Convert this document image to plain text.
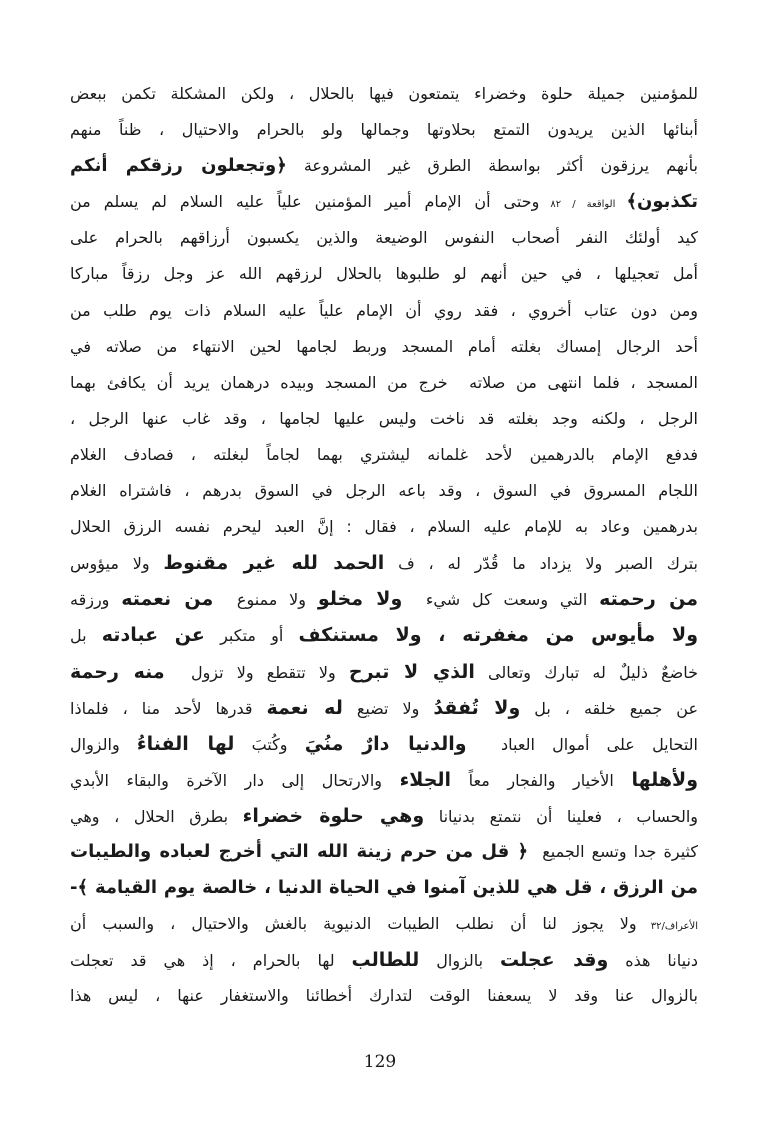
للمؤمنين جميلة حلوة وخضراء يتمتعون فيها بالحلال ، ولكن المشكلة تكمن ببعض
أبنائها الذين يريدون التمتع بحلاوتها وجمالها ولو بالحرام والاحتيال ، ظناً منهم
بأنهم يرزقون أكثر بواسطة الطرق غير المشروعة ﴿وتجعلون رزقكم أنكم
تكذبون﴾ الواقعة / ٨٢ وحتى أن الإمام أمير المؤمنين علياً عليه السلام لم يسلم من
كيد أولئك النفر أصحاب النفوس الوضيعة والذين يكسبون أرزاقهم بالحرام على
أمل تعجيلها ، في حين أنهم لو طلبوها بالحلال لرزقهم الله عز وجل رزقاً مباركا
ومن دون عتاب أخروي ، فقد روي أن الإمام علياً عليه السلام ذات يوم طلب من
أحد الرجال إمساك بغلته أمام المسجد وربط لجامها لحين الانتهاء من صلاته في
المسجد ، فلما انتهى من صلاته  خرج من المسجد وبيده درهمان يريد أن يكافئ بهما
الرجل ، ولكنه وجد بغلته قد ناخت وليس عليها لجامها ، وقد غاب عنها الرجل ،
فدفع الإمام بالدرهمين لأحد غلمانه ليشتري بهما لجاماً لبغلته ، فصادف الغلام
اللجام المسروق في السوق ، وقد باعه الرجل في السوق بدرهم ، فاشتراه الغلام
بدرهمين وعاد به للإمام عليه السلام ، فقال : إنَّ العبد ليحرم نفسه الرزق الحلال
بترك الصبر ولا يزداد ما قُدّر له ، ف الحمد لله غير مقنوط ولا ميؤوس
من رحمته التي وسعت كل شيء  ولا مخلو ولا ممنوع  من نعمته ورزقه
ولا مأيوس من مغفرته ، ولا مستنكف أو متكبر عن عبادته بل
خاضعٌ ذليلٌ له تبارك وتعالى الذي لا تبرح ولا تتقطع ولا تزول  منه رحمة
عن جميع خلقه ، بل ولا تُفقدُ ولا تضيع له نعمة قدرها لأحد منا ، فلماذا
التحايل على أموال العباد  والدنيا دارٌ منُيَ وكُتبَ لها الفناءُ والزوال
ولأهلها الأخيار والفجار معاً الجلاء والارتحال إلى دار الآخرة والبقاء الأبدي
والحساب ، فعلينا أن نتمتع بدنيانا وهي حلوة خضراء بطرق الحلال ، وهي
كثيرة جدا وتسع الجميع  ﴿ قل من حرم زينة الله التي أخرج لعباده والطيبات
من الرزق ، قل هي للذين آمنوا في الحياة الدنيا ، خالصة يوم القيامة ﴾-
الأعراف/٣٢ ولا يجوز لنا أن نطلب الطيبات الدنيوية بالغش والاحتيال ، والسبب أن
دنيانا هذه وقد عجلت بالزوال للطالب لها بالحرام ، إذ هي قد تعجلت
بالزوال عنا وقد لا يسعفنا الوقت لتدارك أخطائنا والاستغفار عنها ، ليس هذا
129
